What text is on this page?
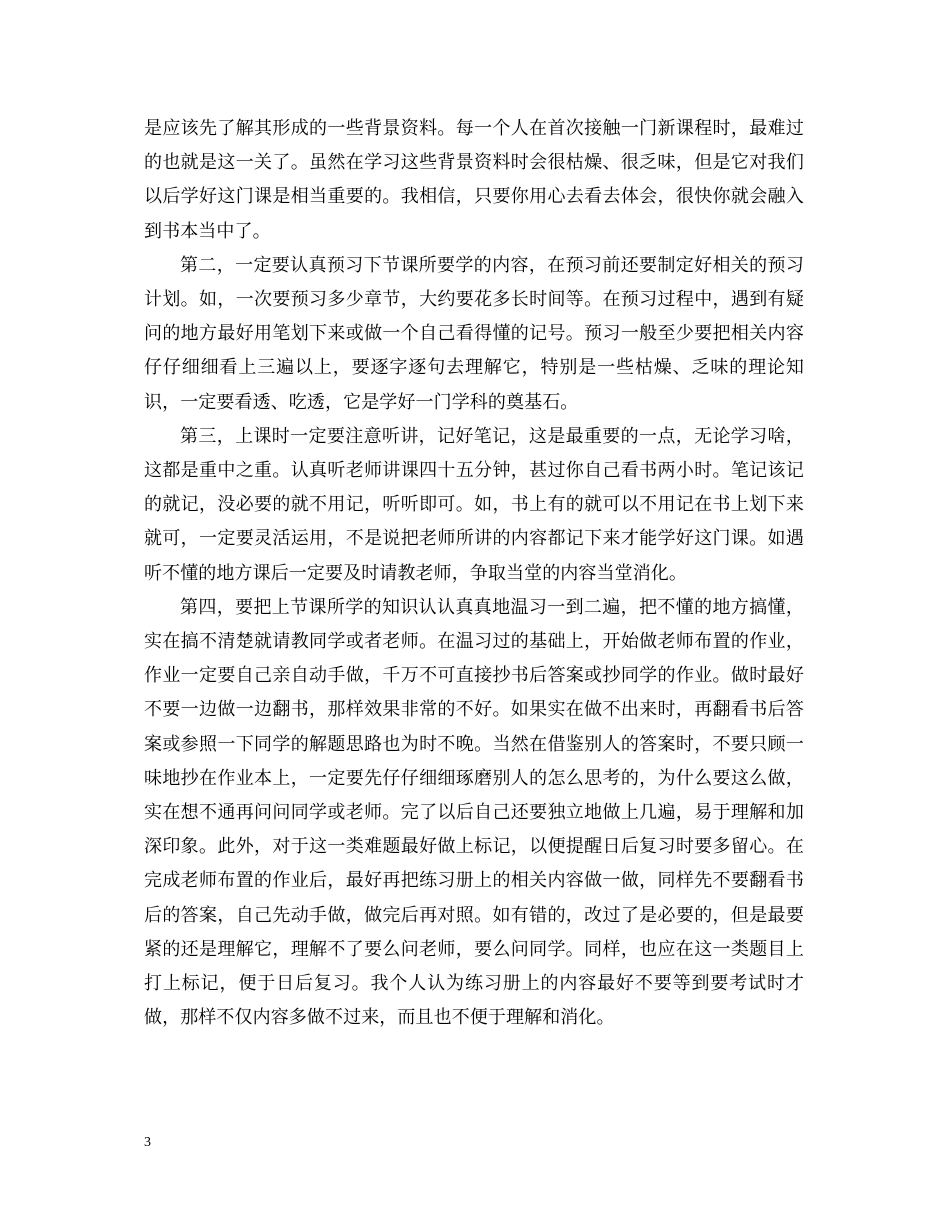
是应该先了解其形成的一些背景资料。每一个人在首次接触一门新课程时，最难过的也就是这一关了。虽然在学习这些背景资料时会很枯燥、很乏味，但是它对我们以后学好这门课是相当重要的。我相信，只要你用心去看去体会，很快你就会融入到书本当中了。

第二，一定要认真预习下节课所要学的内容，在预习前还要制定好相关的预习计划。如，一次要预习多少章节，大约要花多长时间等。在预习过程中，遇到有疑问的地方最好用笔划下来或做一个自己看得懂的记号。预习一般至少要把相关内容仔仔细细看上三遍以上，要逐字逐句去理解它，特别是一些枯燥、乏味的理论知识，一定要看透、吃透，它是学好一门学科的奠基石。

第三，上课时一定要注意听讲，记好笔记，这是最重要的一点，无论学习啥，这都是重中之重。认真听老师讲课四十五分钟，甚过你自己看书两小时。笔记该记的就记，没必要的就不用记，听听即可。如，书上有的就可以不用记在书上划下来就可，一定要灵活运用，不是说把老师所讲的内容都记下来才能学好这门课。如遇听不懂的地方课后一定要及时请教老师，争取当堂的内容当堂消化。

第四，要把上节课所学的知识认认真真地温习一到二遍，把不懂的地方搞懂，实在搞不清楚就请教同学或者老师。在温习过的基础上，开始做老师布置的作业，作业一定要自己亲自动手做，千万不可直接抄书后答案或抄同学的作业。做时最好不要一边做一边翻书，那样效果非常的不好。如果实在做不出来时，再翻看书后答案或参照一下同学的解题思路也为时不晚。当然在借鉴别人的答案时，不要只顾一味地抄在作业本上，一定要先仔仔细细琢磨别人的怎么思考的，为什么要这么做，实在想不通再问问同学或老师。完了以后自己还要独立地做上几遍，易于理解和加深印象。此外，对于这一类难题最好做上标记，以便提醒日后复习时要多留心。在完成老师布置的作业后，最好再把练习册上的相关内容做一做，同样先不要翻看书后的答案，自己先动手做，做完后再对照。如有错的，改过了是必要的，但是最要紧的还是理解它，理解不了要么问老师，要么问同学。同样，也应在这一类题目上打上标记，便于日后复习。我个人认为练习册上的内容最好不要等到要考试时才做，那样不仅内容多做不过来，而且也不便于理解和消化。

3
